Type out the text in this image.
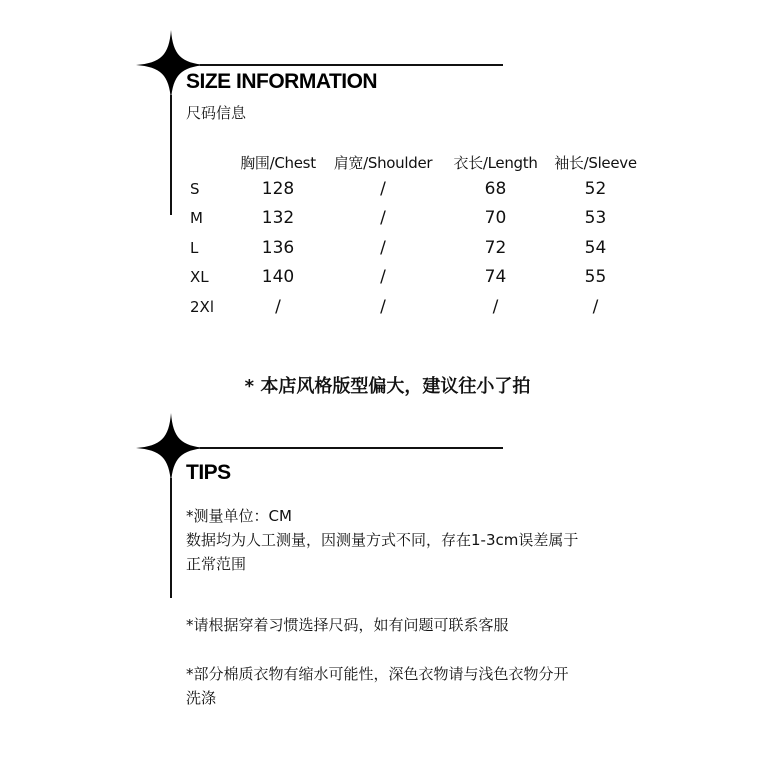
SIZE INFORMATION
尺码信息
	胸围/Chest	肩宽/Shoulder	衣长/Length	袖长/Sleeve
S	128	/	68	52
M	132	/	70	53
L	136	/	72	54
XL	140	/	74	55
2Xl	/	/	/	/
* 本店风格版型偏大，建议往小了拍
TIPS
*测量单位：CM
数据均为人工测量，因测量方式不同，存在1-3cm误差属于
正常范围
*请根据穿着习惯选择尺码，如有问题可联系客服
*部分棉质衣物有缩水可能性，深色衣物请与浅色衣物分开
洗涤
